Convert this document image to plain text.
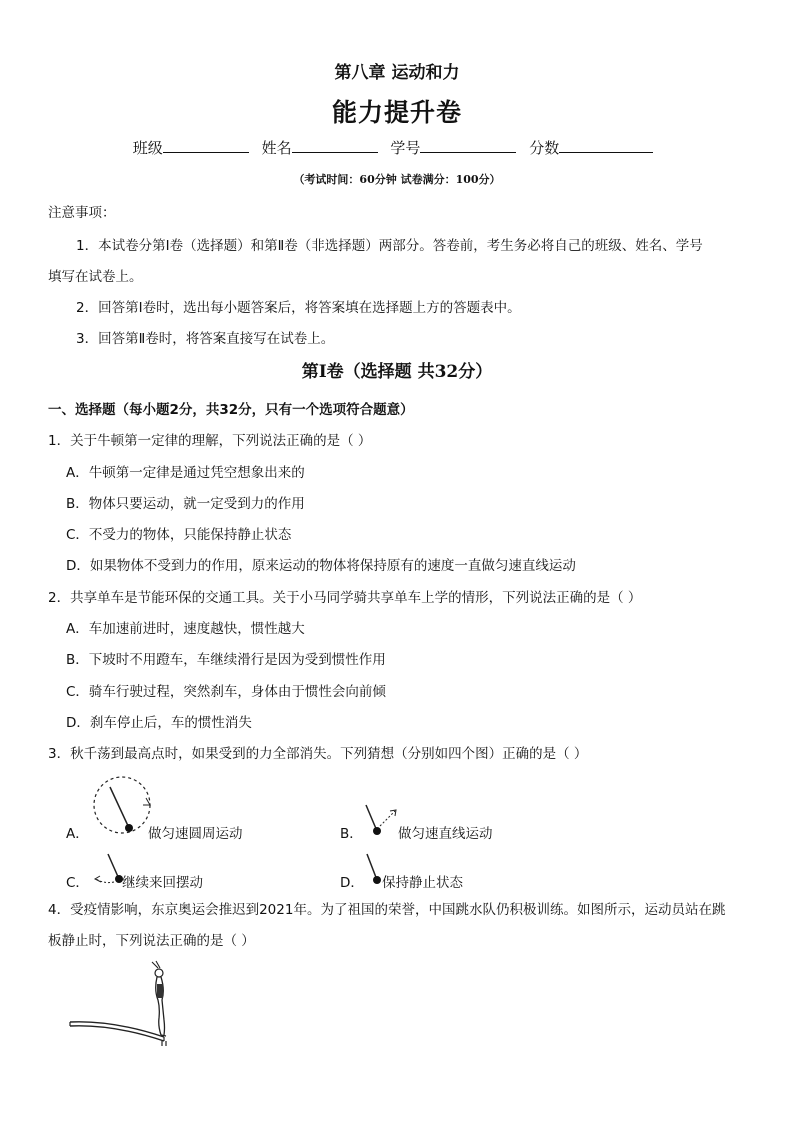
第八章 运动和力
能力提升卷
班级	姓名	学号	分数
（考试时间：60分钟 试卷满分：100分）
注意事项：
1．本试卷分第Ⅰ卷（选择题）和第Ⅱ卷（非选择题）两部分。答卷前，考生务必将自己的班级、姓名、学号
填写在试卷上。
2．回答第Ⅰ卷时，选出每小题答案后，将答案填在选择题上方的答题表中。
3．回答第Ⅱ卷时，将答案直接写在试卷上。
第Ⅰ卷（选择题 共32分）
一、选择题（每小题2分，共32分，只有一个选项符合题意）
1．关于牛顿第一定律的理解，下列说法正确的是（ ）
A．牛顿第一定律是通过凭空想象出来的
B．物体只要运动，就一定受到力的作用
C．不受力的物体，只能保持静止状态
D．如果物体不受到力的作用，原来运动的物体将保持原有的速度一直做匀速直线运动
2．共享单车是节能环保的交通工具。关于小马同学骑共享单车上学的情形，下列说法正确的是（ ）
A．车加速前进时，速度越快，惯性越大
B．下坡时不用蹬车，车继续滑行是因为受到惯性作用
C．骑车行驶过程，突然刹车，身体由于惯性会向前倾
D．刹车停止后，车的惯性消失
3．秋千荡到最高点时，如果受到的力全部消失。下列猜想（分别如四个图）正确的是（ ）
A．	做匀速圆周运动	B．	做匀速直线运动
C． 继续来回摆动	D． 保持静止状态
4．受疫情影响，东京奥运会推迟到2021年。为了祖国的荣誉，中国跳水队仍积极训练。如图所示，运动员站在跳
板静止时，下列说法正确的是（ ）
